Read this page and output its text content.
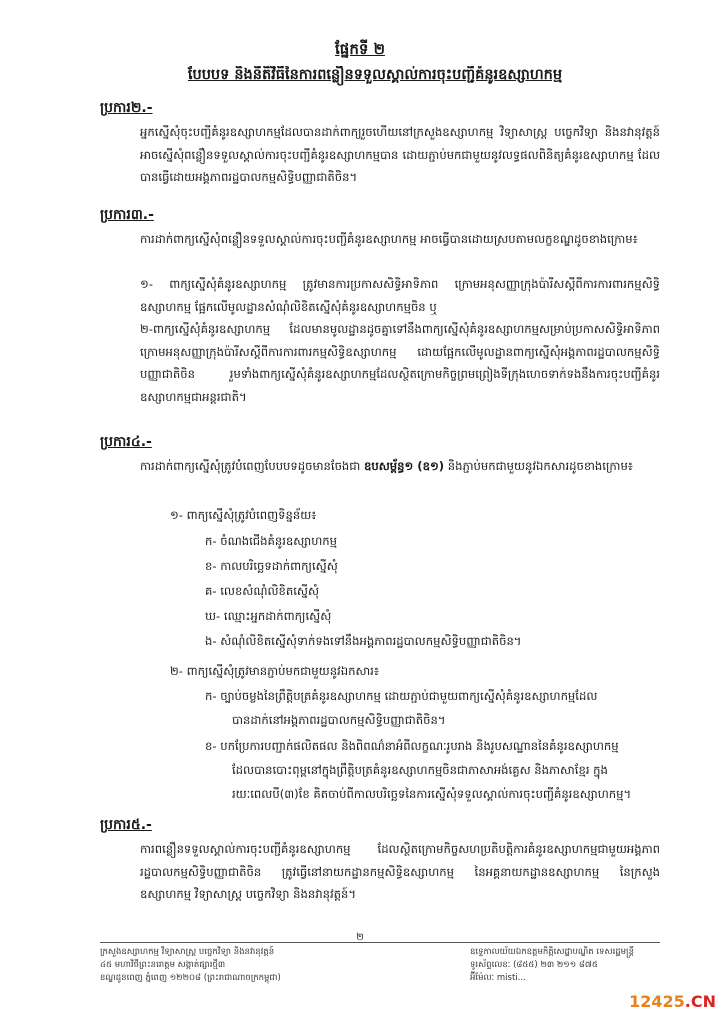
ផ្នែកទី ២
បែបបទ និងនីតិវិធីនៃការពន្លឿនទទួលស្គាល់ការចុះបញ្ជីគំនូរឧស្សាហកម្ម
ប្រការ២.-
អ្នកស្នើសុំចុះបញ្ជីគំនូរឧស្សាហកម្មដែលបានដាក់ពាក្យរួចហើយនៅក្រសួងឧស្សាហកម្ម វិទ្យាសាស្ត្រ បច្ចេកវិទ្យា និងនវានុវត្តន៍ អាចស្នើសុំពន្លឿនទទួលស្គាល់ការចុះបញ្ជីគំនូរឧស្សាហកម្មបាន ដោយភ្ជាប់មកជាមួយនូវលទ្ធផលពិនិត្យគំនូរឧស្សាហកម្ម ដែលបានធ្វើដោយអង្គភាពរដ្ឋបាលកម្មសិទ្ធិបញ្ញាជាតិចិន។
ប្រការ៣.-
ការដាក់ពាក្យស្នើសុំពន្លឿនទទួលស្គាល់ការចុះបញ្ជីគំនូរឧស្សាហកម្ម អាចធ្វើបានដោយស្របតាមលក្ខខណ្ឌដូចខាងក្រោម៖
១- ពាក្យស្នើសុំគំនូរឧស្សាហកម្ម ត្រូវមានការប្រកាសសិទ្ធិអាទិភាព ក្រោមអនុសញ្ញាក្រុងប៉ារីសស្តីពីការការពារកម្មសិទ្ធិឧស្សាហកម្ម ផ្អែកលើមូលដ្ឋានសំណុំលិខិតស្នើសុំគំនូរឧស្សាហកម្មចិន ឬ
២-ពាក្យស្នើសុំគំនូរឧស្សាហកម្ម ដែលមានមូលដ្ឋានដូចគ្នាទៅនឹងពាក្យស្នើសុំគំនូរឧស្សាហកម្មសម្រាប់ប្រកាសសិទ្ធិអាទិភាព ក្រោមអនុសញ្ញាក្រុងប៉ារីសស្តីពីការការពារកម្មសិទ្ធិឧស្សាហកម្ម ដោយផ្អែកលើមូលដ្ឋានពាក្យស្នើសុំអង្គភាពរដ្ឋបាលកម្មសិទ្ធិបញ្ញាជាតិចិន រួមទាំងពាក្យស្នើសុំគំនូរឧស្សាហកម្មដែលស្ថិតក្រោមកិច្ចព្រមព្រៀងទីក្រុងហេចទាក់ទងនឹងការចុះបញ្ជីគំនូរឧស្សាហកម្មជាអន្តរជាតិ។
ប្រការ៤.-
ការដាក់ពាក្យស្នើសុំត្រូវបំពេញបែបបទដូចមានចែងជា ឧបសម្ព័ន្ធ១ (ឧ១) និងភ្ជាប់មកជាមួយនូវឯកសារដូចខាងក្រោម៖
១- ពាក្យស្នើសុំត្រូវបំពេញទិន្នន័យ៖
ក- ចំណងជើងគំនូរឧស្សាហកម្ម
ខ- កាលបរិច្ឆេទដាក់ពាក្យស្នើសុំ
គ- លេខសំណុំលិខិតស្នើសុំ
ឃ- ឈ្មោះអ្នកដាក់ពាក្យស្នើសុំ
ង- សំណុំលិខិតស្នើសុំទាក់ទងទៅនឹងអង្គភាពរដ្ឋបាលកម្មសិទ្ធិបញ្ញាជាតិចិន។
២- ពាក្យស្នើសុំត្រូវមានភ្ជាប់មកជាមួយនូវឯកសារ៖
ក- ច្បាប់ចម្លងនៃព្រឹត្តិបត្រគំនូរឧស្សាហកម្ម ដោយភ្ជាប់ជាមួយពាក្យស្នើសុំគំនូរឧស្សាហកម្មដែល
បានដាក់នៅអង្គភាពរដ្ឋបាលកម្មសិទ្ធិបញ្ញាជាតិចិន។
ខ- បកប្រែការបញ្ជាក់ផលិតផល និងពិពណ៌នាអំពីលក្ខណៈរូបរាង និងរូបសណ្ឋាននៃគំនូរឧស្សាហកម្ម
ដែលបានបោះពុម្ពនៅក្នុងព្រឹត្តិបត្រគំនូរឧស្សាហកម្មចិនជាភាសាអង់គ្លេស និងភាសាខ្មែរ ក្នុង
រយៈពេលបី(៣)ខែ គិតចាប់ពីកាលបរិច្ឆេទនៃការស្នើសុំទទួលស្គាល់ការចុះបញ្ជីគំនូរឧស្សាហកម្ម។
ប្រការ៥.-
ការពន្លឿនទទួលស្គាល់ការចុះបញ្ជីគំនូរឧស្សាហកម្ម ដែលស្ថិតក្រោមកិច្ចសហប្រតិបត្តិការគំនូរឧស្សាហកម្មជាមួយអង្គភាពរដ្ឋបាលកម្មសិទ្ធិបញ្ញាជាតិចិន ត្រូវធ្វើនៅនាយកដ្ឋានកម្មសិទ្ធិឧស្សាហកម្ម នៃអគ្គនាយកដ្ឋានឧស្សាហកម្ម នៃក្រសួងឧស្សាហកម្ម វិទ្យាសាស្ត្រ បច្ចេកវិទ្យា និងនវានុវត្តន៍។
២
ក្រសួងឧស្សាហកម្ម វិទ្យាសាស្ត្រ បច្ចេកវិទ្យា និងនវានុវត្តន៍
៤៥ មហាវិថីព្រះនរោត្តម សង្កាត់ផ្សារថ្មី៣
ខណ្ឌដូនពេញ ភ្នំពេញ ១២២០៨ (ព្រះរាជាណាចក្រកម្ពុជា)
ឧទ្ទេកាលយ័យឯកឧត្តមកិត្តិសេដ្ឋាបណ្ឌិត ទេសរដ្ឋមន្ត្រី
ទូរស័ព្ទលេខៈ (៨៥៥) ២៣ ២១១ ៨៧៥
អ៊ីម៉ែលៈ misti...
12425.CN
